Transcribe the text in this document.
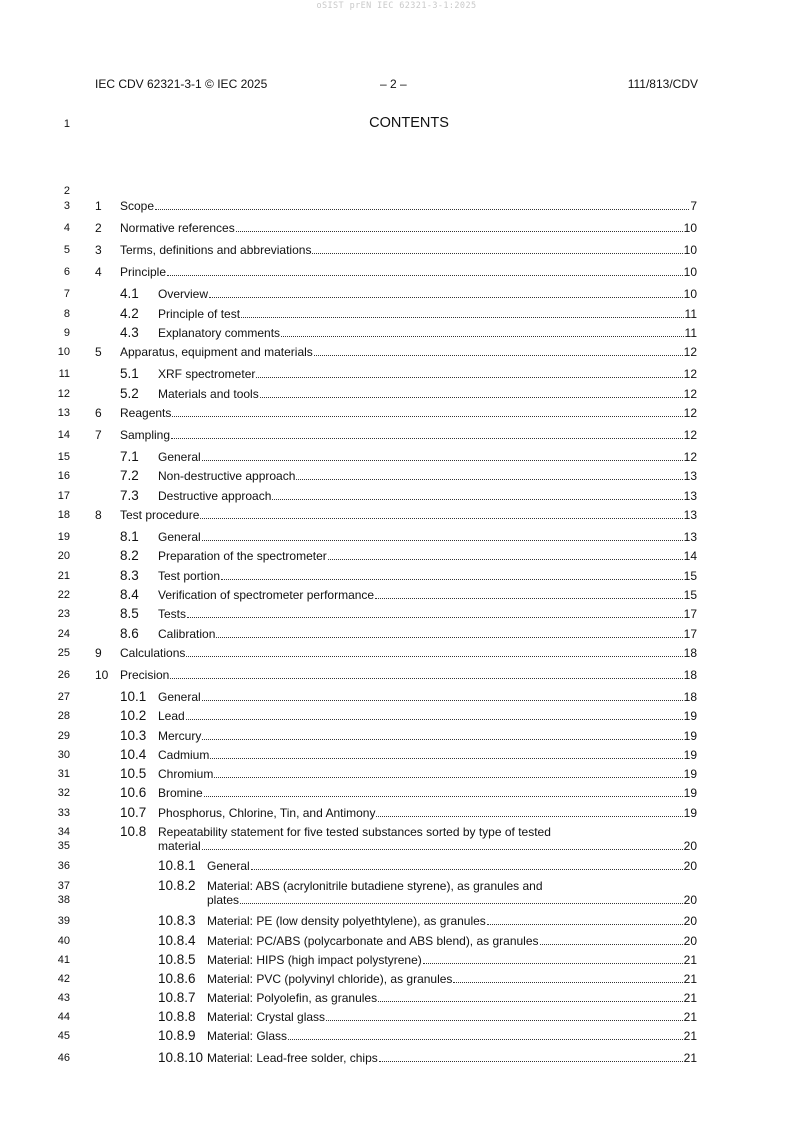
oSIST prEN IEC 62321-3-1:2025
IEC CDV 62321-3-1 © IEC 2025	– 2 –	111/813/CDV
1	CONTENTS
2
3 1 Scope	7
4 2 Normative references	10
5 3 Terms, definitions and abbreviations	10
6 4 Principle	10
7	4.1 Overview	10
8	4.2 Principle of test	11
9	4.3 Explanatory comments	11
10 5 Apparatus, equipment and materials	12
11	5.1 XRF spectrometer	12
12	5.2 Materials and tools	12
13 6 Reagents	12
14 7 Sampling	12
15	7.1 General	12
16	7.2 Non-destructive approach	13
17	7.3 Destructive approach	13
18 8 Test procedure	13
19	8.1 General	13
20	8.2 Preparation of the spectrometer	14
21	8.3 Test portion	15
22	8.4 Verification of spectrometer performance	15
23	8.5 Tests	17
24	8.6 Calibration	17
25 9 Calculations	18
26 10 Precision	18
27	10.1 General	18
28	10.2 Lead	19
29	10.3 Mercury	19
30	10.4 Cadmium	19
31	10.5 Chromium	19
32	10.6 Bromine	19
33	10.7 Phosphorus, Chlorine, Tin, and Antimony	19
34	10.8 Repeatability statement for five tested substances sorted by type of tested
35	material	20
36	10.8.1 General	20
37	10.8.2 Material: ABS (acrylonitrile butadiene styrene), as granules and
38	plates	20
39	10.8.3 Material: PE (low density polyethtylene), as granules	20
40	10.8.4 Material: PC/ABS (polycarbonate and ABS blend), as granules	20
41	10.8.5 Material: HIPS (high impact polystyrene)	21
42	10.8.6 Material: PVC (polyvinyl chloride), as granules	21
43	10.8.7 Material: Polyolefin, as granules	21
44	10.8.8 Material: Crystal glass	21
45	10.8.9 Material: Glass	21
46	10.8.10 Material: Lead-free solder, chips	21
